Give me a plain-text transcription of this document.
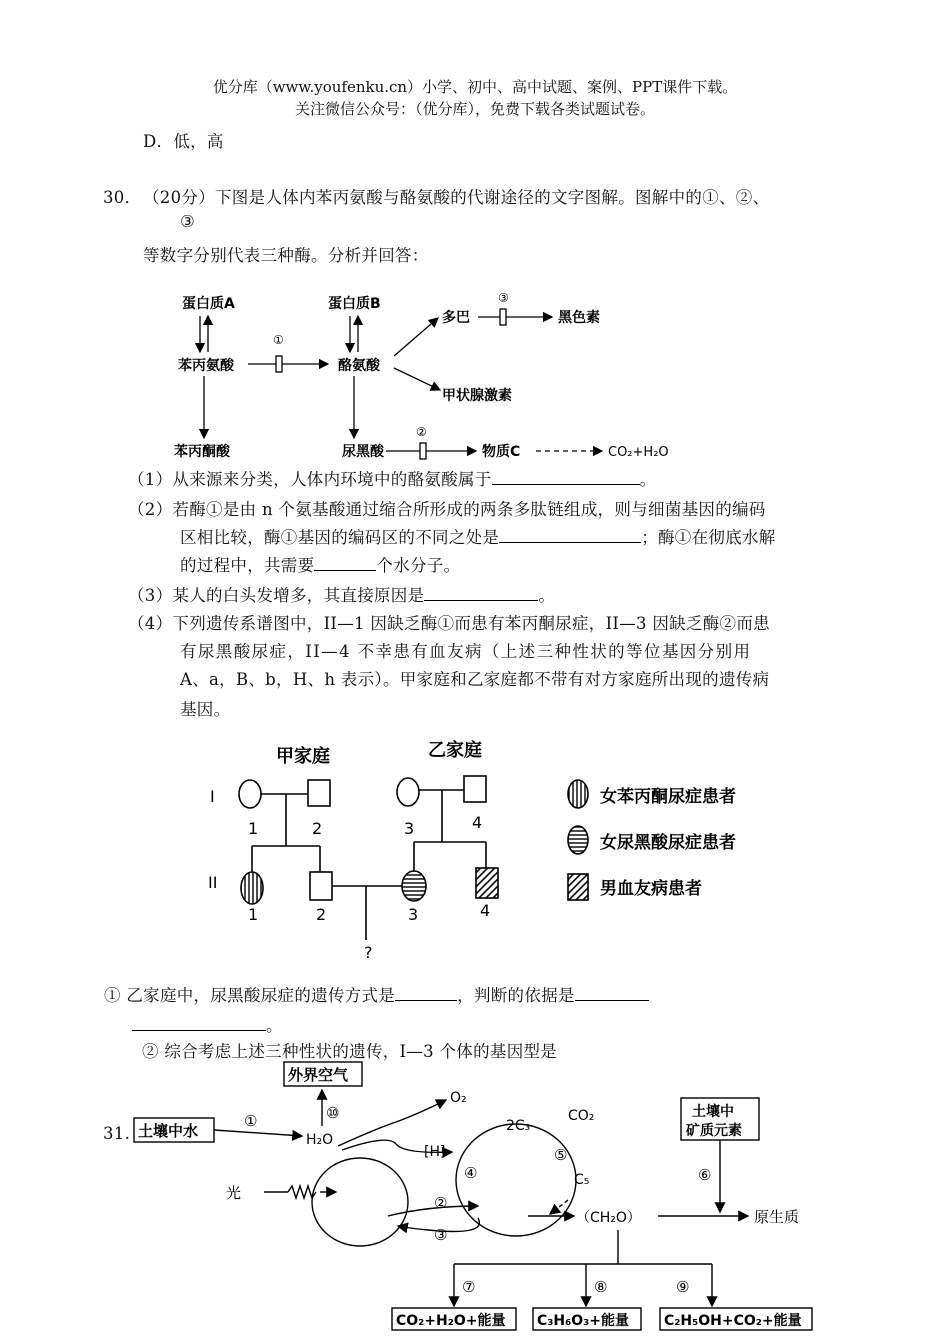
优分库（www.youfenku.cn）小学、初中、高中试题、案例、PPT课件下载。
关注微信公众号：（优分库），免费下载各类试题试卷。
D．低，高
30． （20分）下图是人体内苯丙氨酸与酪氨酸的代谢途径的文字图解。图解中的①、②、
③
等数字分别代表三种酶。分析并回答：
蛋白质A	蛋白质B
苯丙氨酸	酪氨酸
苯丙酮酸	尿黑酸
多巴	黑色素
甲状腺激素
物质C	CO₂+H₂O
①
③
②
（1）从来源来分类，人体内环境中的酪氨酸属于	。
（2）若酶①是由 n 个氨基酸通过缩合所形成的两条多肽链组成，则与细菌基因的编码
区相比较，酶①基因的编码区的不同之处是	；酶①在彻底水解
的过程中，共需要	个水分子。
（3）某人的白头发增多，其直接原因是	。
（4）下列遗传系谱图中，II—1 因缺乏酶①而患有苯丙酮尿症，II—3 因缺乏酶②而患
有尿黑酸尿症，II—4 不幸患有血友病（上述三种性状的等位基因分别用
A、a，B、b，H、h 表示）。甲家庭和乙家庭都不带有对方家庭所出现的遗传病
基因。
甲家庭	乙家庭
I
II
1	2	3	4
1	2	3	4
?
女苯丙酮尿症患者
女尿黑酸尿症患者
男血友病患者
① 乙家庭中，尿黑酸尿症的遗传方式是	，判断的依据是
。
② 综合考虑上述三种性状的遗传，I—3 个体的基因型是
31. 土壤中水
外界空气
土壤中
矿质元素
H₂O
O₂
[H]
2C₃
CO₂
C₅
光
（CH₂O）	原生质
CO₂+H₂O+能量 C₃H₆O₃+能量 C₂H₅OH+CO₂+能量
①	⑩
②
③
④
⑤
⑥
⑦	⑧	⑨
